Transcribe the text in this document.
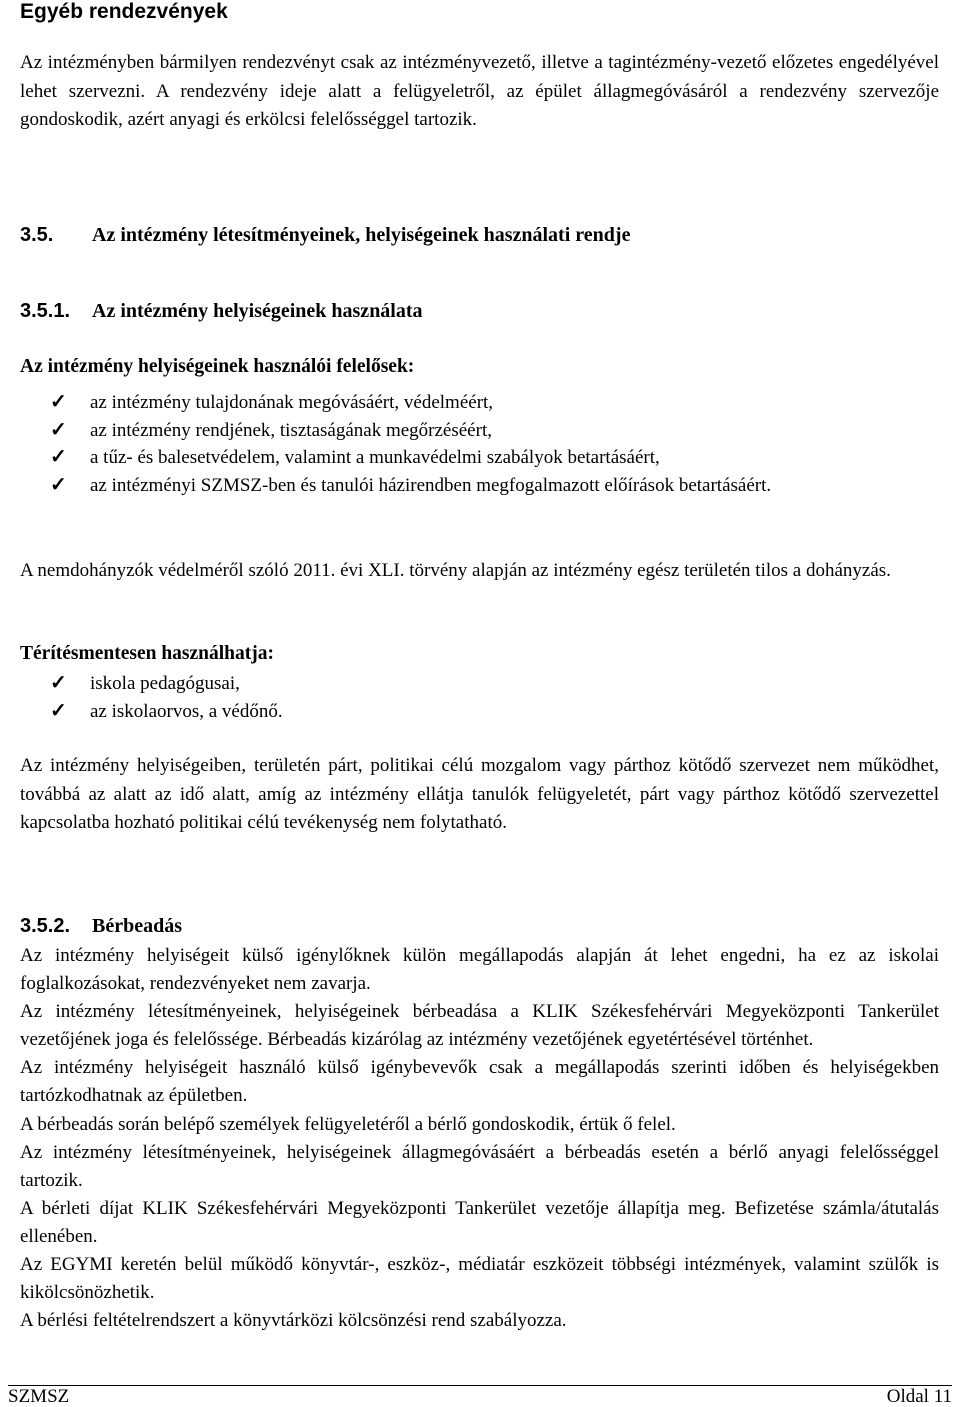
Egyéb rendezvények

Az intézményben bármilyen rendezvényt csak az intézményvezető, illetve a tagintézmény-vezető előzetes engedélyével lehet szervezni. A rendezvény ideje alatt a felügyeletről, az épület állagmegóvásáról a rendezvény szervezője gondoskodik, azért anyagi és erkölcsi felelősséggel tartozik.

3.5. Az intézmény létesítményeinek, helyiségeinek használati rendje
3.5.1. Az intézmény helyiségeinek használata
Az intézmény helyiségeinek használói felelősek:
✓ az intézmény tulajdonának megóvásáért, védelméért,
✓ az intézmény rendjének, tisztaságának megőrzéséért,
✓ a tűz- és balesetvédelem, valamint a munkavédelmi szabályok betartásáért,
✓ az intézményi SZMSZ-ben és tanulói házirendben megfogalmazott előírások betartásáért.

A nemdohányzók védelméről szóló 2011. évi XLI. törvény alapján az intézmény egész területén tilos a dohányzás.

Térítésmentesen használhatja:
✓ iskola pedagógusai,
✓ az iskolaorvos, a védőnő.

Az intézmény helyiségeiben, területén párt, politikai célú mozgalom vagy párthoz kötődő szervezet nem működhet, továbbá az alatt az idő alatt, amíg az intézmény ellátja tanulók felügyeletét, párt vagy párthoz kötődő szervezettel kapcsolatba hozható politikai célú tevékenység nem folytatható.

3.5.2. Bérbeadás

Az intézmény helyiségeit külső igénylőknek külön megállapodás alapján át lehet engedni, ha ez az iskolai foglalkozásokat, rendezvényeket nem zavarja.

Az intézmény létesítményeinek, helyiségeinek bérbeadása a KLIK Székesfehérvári Megyeközponti Tankerület vezetőjének joga és felelőssége. Bérbeadás kizárólag az intézmény vezetőjének egyetértésével történhet.

Az intézmény helyiségeit használó külső igénybevevők csak a megállapodás szerinti időben és helyiségekben tartózkodhatnak az épületben.

A bérbeadás során belépő személyek felügyeletéről a bérlő gondoskodik, értük ő felel.

Az intézmény létesítményeinek, helyiségeinek állagmegóvásáért a bérbeadás esetén a bérlő anyagi felelősséggel tartozik.

A bérleti díjat KLIK Székesfehérvári Megyeközponti Tankerület vezetője állapítja meg. Befizetése számla/átutalás ellenében.

Az EGYMI keretén belül működő könyvtár-, eszköz-, médiatár eszközeit többségi intézmények, valamint szülők is kikölcsönözhetik.

A bérlési feltételrendszert a könyvtárközi kölcsönzési rend szabályozza.

SZMSZ	Oldal 11
